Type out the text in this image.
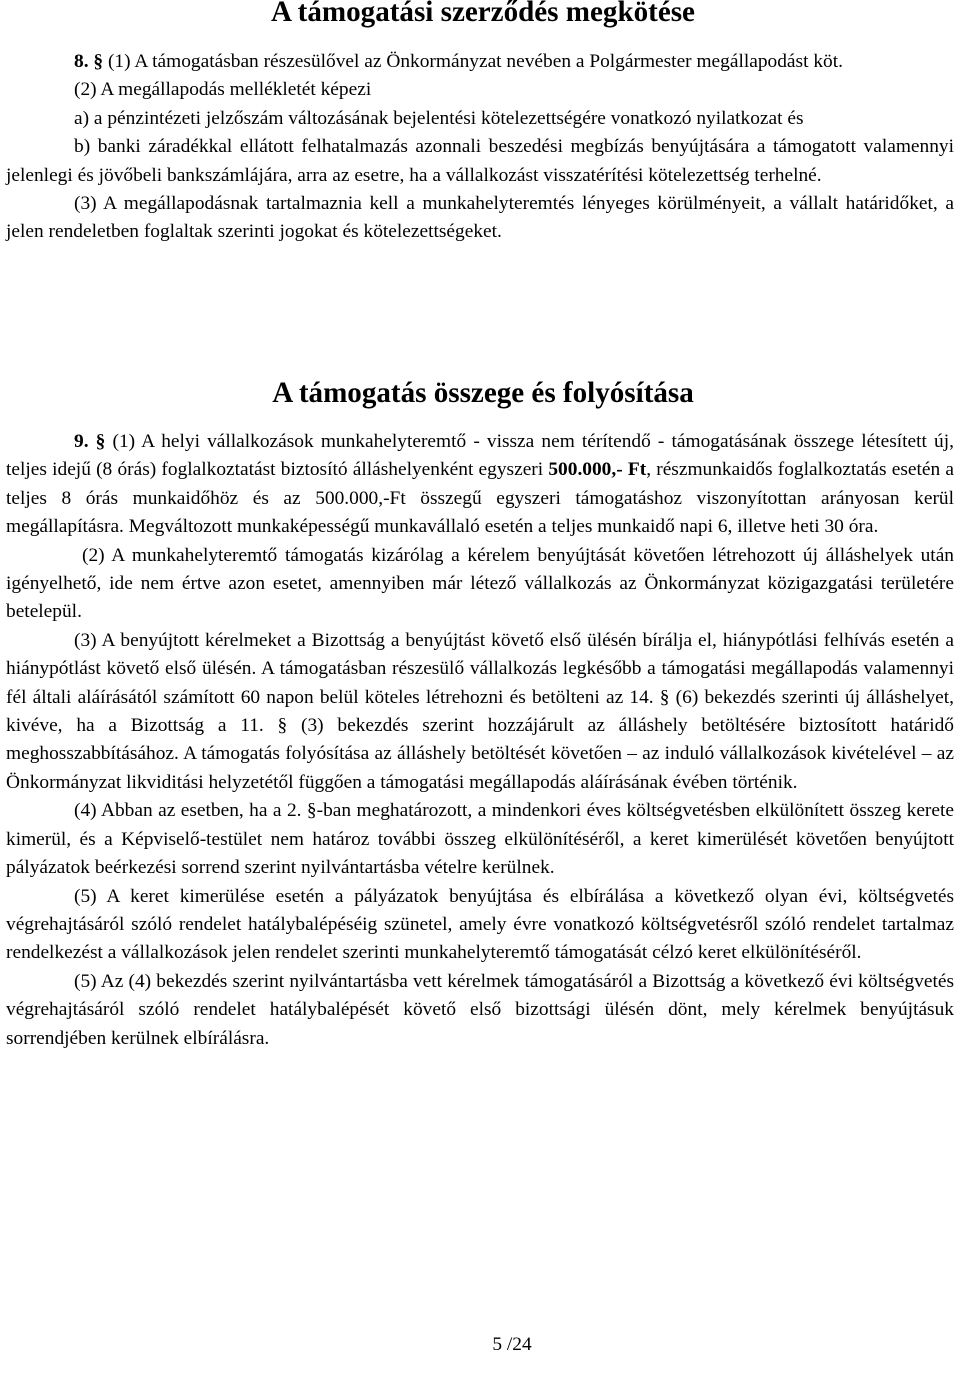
A támogatási szerződés megkötése

8. § (1) A támogatásban részesülővel az Önkormányzat nevében a Polgármester megállapodást köt.

(2) A megállapodás mellékletét képezi

a) a pénzintézeti jelzőszám változásának bejelentési kötelezettségére vonatkozó nyilatkozat és

b) banki záradékkal ellátott felhatalmazás azonnali beszedési megbízás benyújtására a támogatott valamennyi jelenlegi és jövőbeli bankszámlájára, arra az esetre, ha a vállalkozást visszatérítési kötelezettség terhelné.

(3) A megállapodásnak tartalmaznia kell a munkahelyteremtés lényeges körülményeit, a vállalt határidőket, a jelen rendeletben foglaltak szerinti jogokat és kötelezettségeket.

A támogatás összege és folyósítása

9. § (1) A helyi vállalkozások munkahelyteremtő - vissza nem térítendő - támogatásának összege létesített új, teljes idejű (8 órás) foglalkoztatást biztosító álláshelyenként egyszeri 500.000,- Ft, részmunkaidős foglalkoztatás esetén a teljes 8 órás munkaidőhöz és az 500.000,-Ft összegű egyszeri támogatáshoz viszonyítottan arányosan kerül megállapításra. Megváltozott munkaképességű munkavállaló esetén a teljes munkaidő napi 6, illetve heti 30 óra.

(2) A munkahelyteremtő támogatás kizárólag a kérelem benyújtását követően létrehozott új álláshelyek után igényelhető, ide nem értve azon esetet, amennyiben már létező vállalkozás az Önkormányzat közigazgatási területére betelepül.

(3) A benyújtott kérelmeket a Bizottság a benyújtást követő első ülésén bírálja el, hiánypótlási felhívás esetén a hiánypótlást követő első ülésén. A támogatásban részesülő vállalkozás legkésőbb a támogatási megállapodás valamennyi fél általi aláírásától számított 60 napon belül köteles létrehozni és betölteni az 14. § (6) bekezdés szerinti új álláshelyet, kivéve, ha a Bizottság a 11. § (3) bekezdés szerint hozzájárult az álláshely betöltésére biztosított határidő meghosszabbításához. A támogatás folyósítása az álláshely betöltését követően – az induló vállalkozások kivételével – az Önkormányzat likviditási helyzetétől függően a támogatási megállapodás aláírásának évében történik.

(4) Abban az esetben, ha a 2. §-ban meghatározott, a mindenkori éves költségvetésben elkülönített összeg kerete kimerül, és a Képviselő-testület nem határoz további összeg elkülönítéséről, a keret kimerülését követően benyújtott pályázatok beérkezési sorrend szerint nyilvántartásba vételre kerülnek.

(5) A keret kimerülése esetén a pályázatok benyújtása és elbírálása a következő olyan évi, költségvetés végrehajtásáról szóló rendelet hatálybalépéséig szünetel, amely évre vonatkozó költségvetésről szóló rendelet tartalmaz rendelkezést a vállalkozások jelen rendelet szerinti munkahelyteremtő támogatását célzó keret elkülönítéséről.

(5) Az (4) bekezdés szerint nyilvántartásba vett kérelmek támogatásáról a Bizottság a következő évi költségvetés végrehajtásáról szóló rendelet hatálybalépését követő első bizottsági ülésén dönt, mely kérelmek benyújtásuk sorrendjében kerülnek elbírálásra.

5 /24
